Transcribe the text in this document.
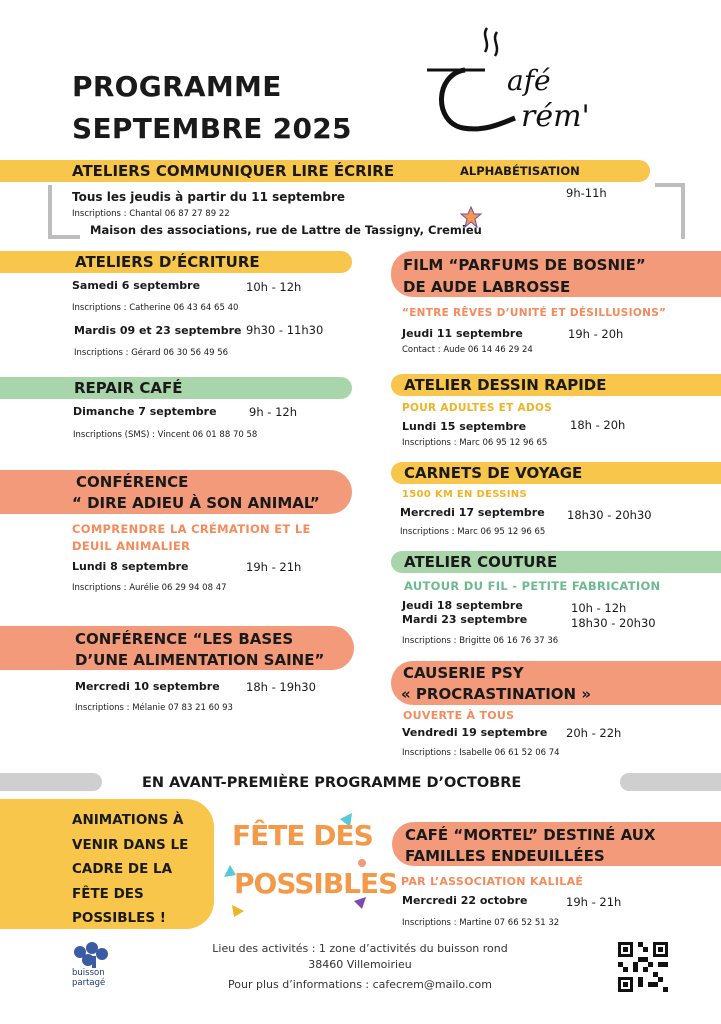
PROGRAMME
SEPTEMBRE 2025
afé
rém'
ATELIERS COMMUNIQUER LIRE ÉCRIRE	ALPHABÉTISATION
Tous les jeudis à partir du 11 septembre	9h-11h
Inscriptions : Chantal 06 87 27 89 22
Maison des associations, rue de Lattre de Tassigny, Cremieu
ATELIERS D’ÉCRITURE
Samedi 6 septembre	10h - 12h
Inscriptions : Catherine 06 43 64 65 40
Mardis 09 et 23 septembre 9h30 - 11h30
Inscriptions : Gérard 06 30 56 49 56
REPAIR CAFÉ
Dimanche 7 septembre	9h - 12h
Inscriptions (SMS) : Vincent 06 01 88 70 58
CONFÉRENCE
“ DIRE ADIEU À SON ANIMAL”
COMPRENDRE LA CRÉMATION ET LE
DEUIL ANIMALIER
Lundi 8 septembre	19h - 21h
Inscriptions : Aurélie 06 29 94 08 47
CONFÉRENCE “LES BASES
D’UNE ALIMENTATION SAINE”
Mercredi 10 septembre 18h - 19h30
Inscriptions : Mélanie 07 83 21 60 93
FILM “PARFUMS DE BOSNIE”
DE AUDE LABROSSE
“ENTRE RÊVES D’UNITÉ ET DÉSILLUSIONS”
Jeudi 11 septembre	19h - 20h
Contact : Aude 06 14 46 29 24
ATELIER DESSIN RAPIDE
POUR ADULTES ET ADOS
Lundi 15 septembre	18h - 20h
Inscriptions : Marc 06 95 12 96 65
CARNETS DE VOYAGE
1500 KM EN DESSINS
Mercredi 17 septembre 18h30 - 20h30
Inscriptions : Marc 06 95 12 96 65
ATELIER COUTURE
AUTOUR DU FIL - PETITE FABRICATION
Jeudi 18 septembre	10h - 12h
Mardi 23 septembre	18h30 - 20h30
Inscriptions : Brigitte 06 16 76 37 36
CAUSERIE PSY
« PROCRASTINATION »
OUVERTE À TOUS
Vendredi 19 septembre 20h - 22h
Inscriptions : Isabelle 06 61 52 06 74
EN AVANT-PREMIÈRE PROGRAMME D’OCTOBRE
ANIMATIONS À
VENIR DANS LE
CADRE DE LA
FÊTE DES
POSSIBLES !
FÊTE DES
POSSIBLES
CAFÉ “MORTEL” DESTINÉ AUX
FAMILLES ENDEUILLÉES
PAR L’ASSOCIATION KALILAÉ
Mercredi 22 octobre	19h - 21h
Inscriptions : Martine 07 66 52 51 32
buisson
partagé
Lieu des activités : 1 zone d’activités du buisson rond
38460 Villemoirieu
Pour plus d’informations : cafecrem@mailo.com
